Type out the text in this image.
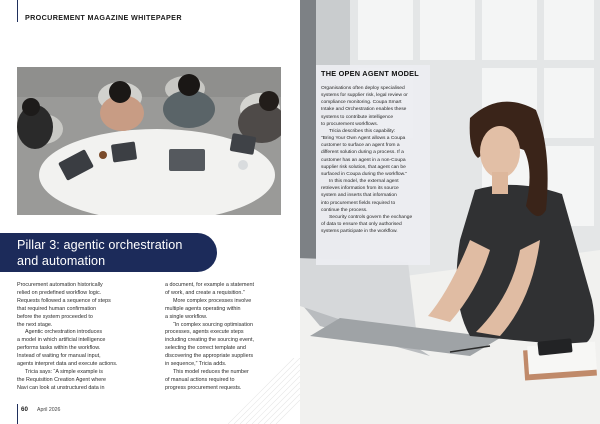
PROCUREMENT MAGAZINE WHITEPAPER
Pillar 3: agentic orchestration
and automation

Procurement automation historically

relied on predefined workflow logic.

Requests followed a sequence of steps

that required human confirmation

before the system proceeded to

the next stage.

Agentic orchestration introduces

a model in which artificial intelligence

performs tasks within the workflow.

Instead of waiting for manual input,

agents interpret data and execute actions.

Tricia says: “A simple example is

the Requisition Creation Agent where

Navi can look at unstructured data in

a document, for example a statement

of work, and create a requisition.”

More complex processes involve

multiple agents operating within

a single workflow.

“In complex sourcing optimisation

processes, agents execute steps

including creating the sourcing event,

selecting the correct template and

discovering the appropriate suppliers

in sequence,” Tricia adds.

This model reduces the number

of manual actions required to

progress procurement requests.

60 April 2026
THE OPEN AGENT MODEL

Organisations often deploy specialised

systems for supplier risk, legal review or

compliance monitoring. Coupa Smart

Intake and Orchestration enables these

systems to contribute intelligence

to procurement workflows.

Tricia describes this capability:

“Bring Your Own Agent allows a Coupa

customer to surface an agent from a

different solution during a process. If a

customer has an agent in a non-Coupa

supplier risk solution, that agent can be

surfaced in Coupa during the workflow.”

In this model, the external agent

retrieves information from its source

system and inserts that information

into procurement fields required to

continue the process.

Security controls govern the exchange

of data to ensure that only authorised

systems participate in the workflow.
